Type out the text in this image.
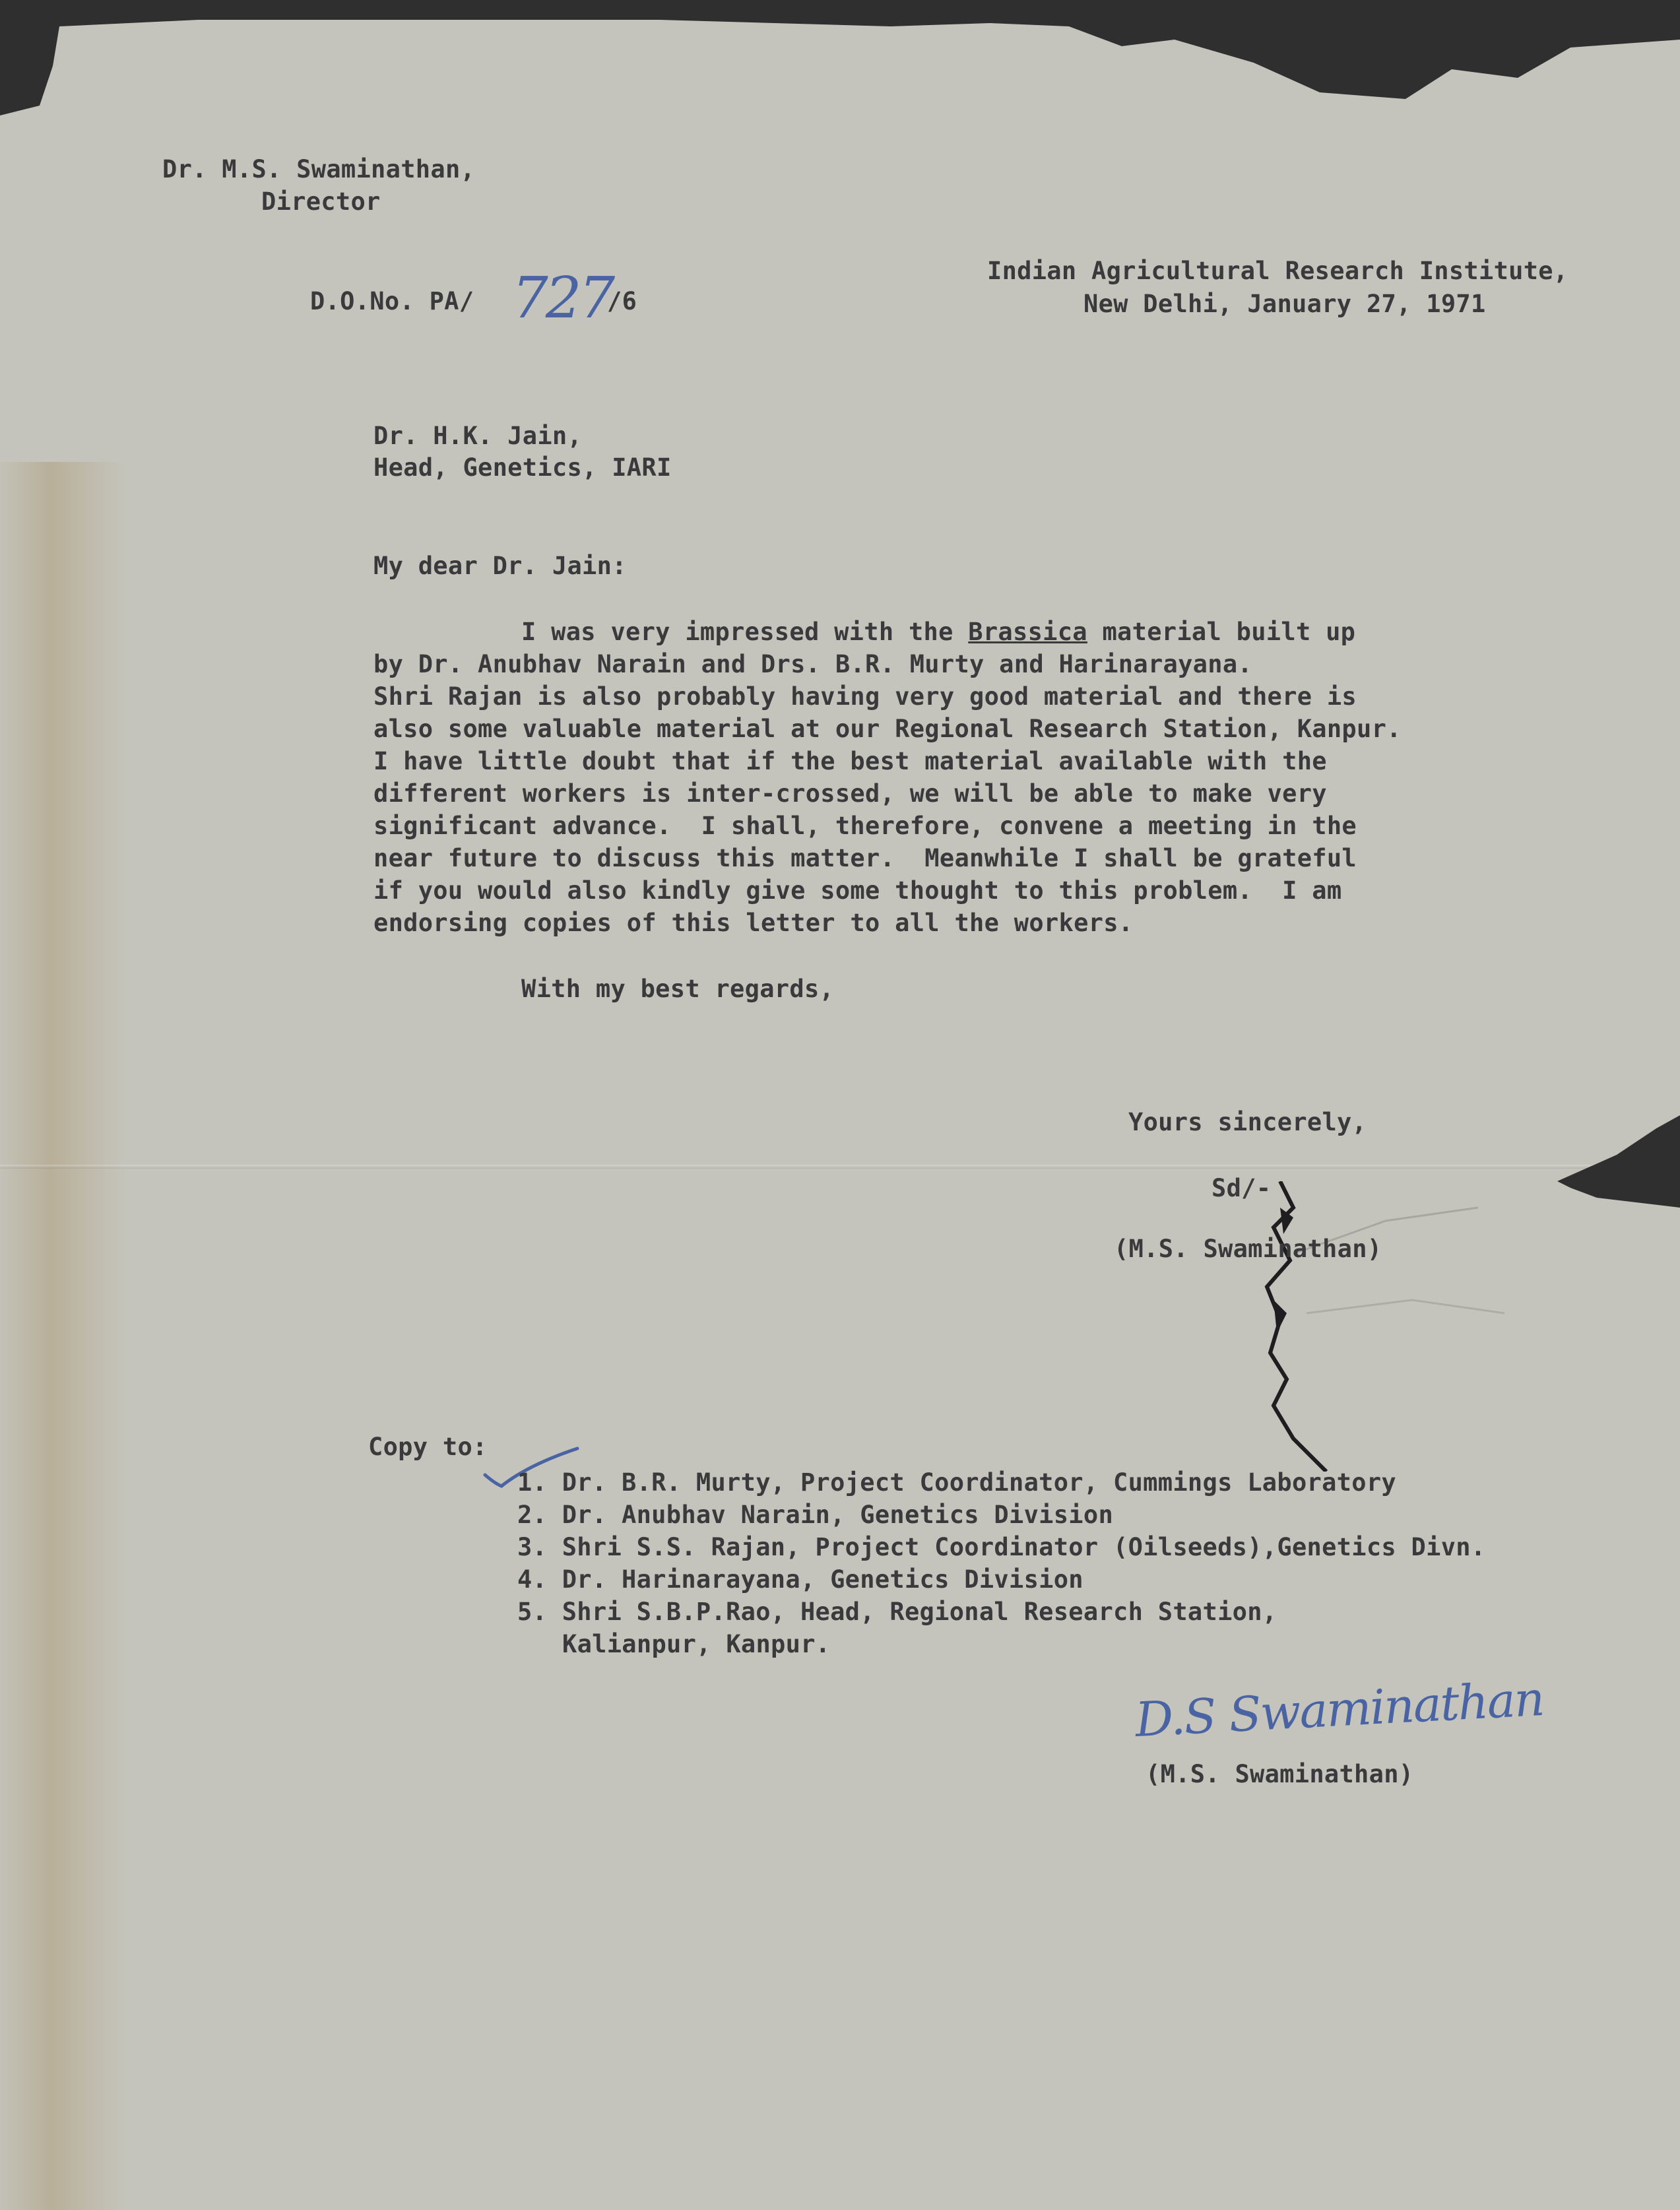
Dr. M.S. Swaminathan,
Director
D.O.No. PA/ 727
/6
Indian Agricultural Research Institute,
New Delhi, January 27, 1971
Dr. H.K. Jain,
Head, Genetics, IARI
My dear Dr. Jain:
I was very impressed with the Brassica material built up
by Dr. Anubhav Narain and Drs. B.R. Murty and Harinarayana.
Shri Rajan is also probably having very good material and there is
also some valuable material at our Regional Research Station, Kanpur.
I have little doubt that if the best material available with the
different workers is inter-crossed, we will be able to make very
significant advance.  I shall, therefore, convene a meeting in the
near future to discuss this matter.  Meanwhile I shall be grateful
if you would also kindly give some thought to this problem.  I am
endorsing copies of this letter to all the workers.
With my best regards,
Yours sincerely,
Sd/-
(M.S. Swaminathan)
Copy to:
1. Dr. B.R. Murty, Project Coordinator, Cummings Laboratory
2. Dr. Anubhav Narain, Genetics Division
3. Shri S.S. Rajan, Project Coordinator (Oilseeds),Genetics Divn.
4. Dr. Harinarayana, Genetics Division
5. Shri S.B.P.Rao, Head, Regional Research Station,
Kalianpur, Kanpur.
D.S Swaminathan
(M.S. Swaminathan)
